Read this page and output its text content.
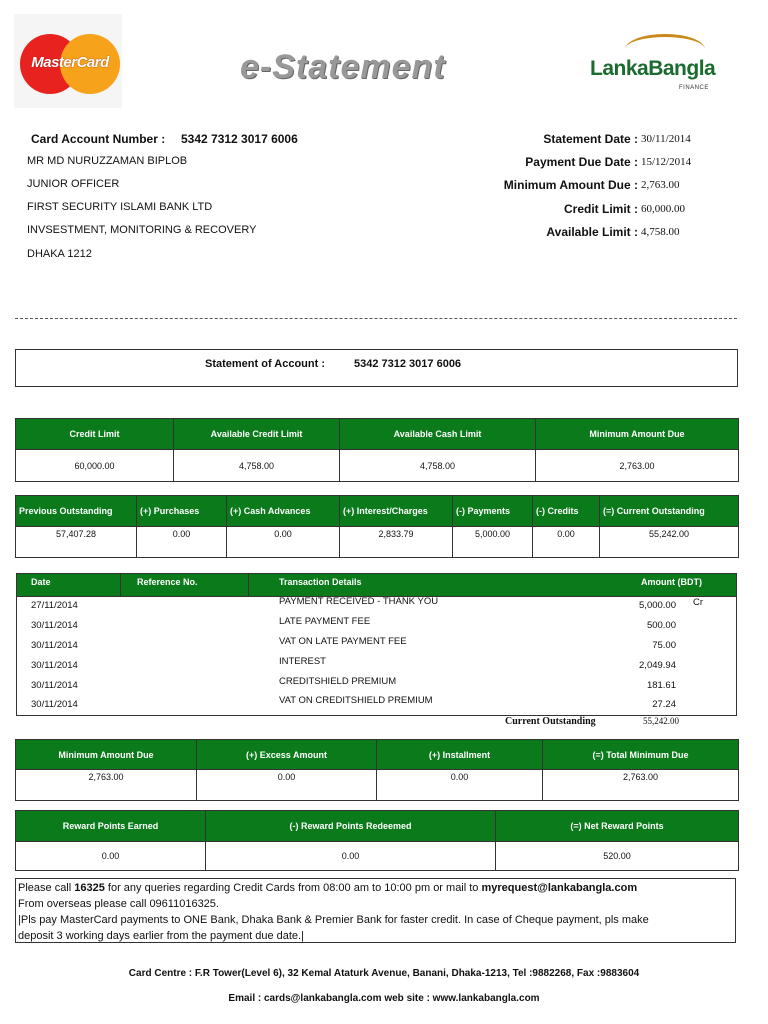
MasterCard	e-Statement	LankaBangla
FINANCE
Card Account Number : 5342 7312 3017 6006
MR MD NURUZZAMAN BIPLOB
JUNIOR OFFICER
FIRST SECURITY ISLAMI BANK LTD
INVSESTMENT, MONITORING & RECOVERY
DHAKA 1212
Statement Date : 30/11/2014
Payment Due Date : 15/12/2014
Minimum Amount Due : 2,763.00
Credit Limit : 60,000.00
Available Limit : 4,758.00
Statement of Account :	5342 7312 3017 6006
Credit Limit	Available Credit Limit	Available Cash Limit	Minimum Amount Due
60,000.00	4,758.00	4,758.00	2,763.00
Previous Outstanding	(+) Purchases	(+) Cash Advances	(+) Interest/Charges	(-) Payments	(-) Credits	(=) Current Outstanding
57,407.28	0.00	0.00	2,833.79	5,000.00	0.00	55,242.00
Date	Reference No.	Transaction Details	Amount (BDT)
27/11/2014	PAYMENT RECEIVED - THANK YOU	5,000.00 Cr
30/11/2014	LATE PAYMENT FEE	500.00
30/11/2014	VAT ON LATE PAYMENT FEE	75.00
30/11/2014	INTEREST	2,049.94
30/11/2014	CREDITSHIELD PREMIUM	181.61
30/11/2014	VAT ON CREDITSHIELD PREMIUM	27.24
Current Outstanding	55,242.00
Minimum Amount Due	(+) Excess Amount	(+) Installment	(=) Total Minimum Due
2,763.00	0.00	0.00	2,763.00
Reward Points Earned	(-) Reward Points Redeemed	(=) Net Reward Points
0.00	0.00	520.00
Please call 16325 for any queries regarding Credit Cards from 08:00 am to 10:00 pm or mail to myrequest@lankabangla.com
From overseas please call 09611016325.
|Pls pay MasterCard payments to ONE Bank, Dhaka Bank & Premier Bank for faster credit. In case of Cheque payment, pls make
deposit 3 working days earlier from the payment due date.|
Card Centre : F.R Tower(Level 6), 32 Kemal Ataturk Avenue, Banani, Dhaka-1213, Tel :9882268, Fax :9883604
Email : cards@lankabangla.com web site : www.lankabangla.com
